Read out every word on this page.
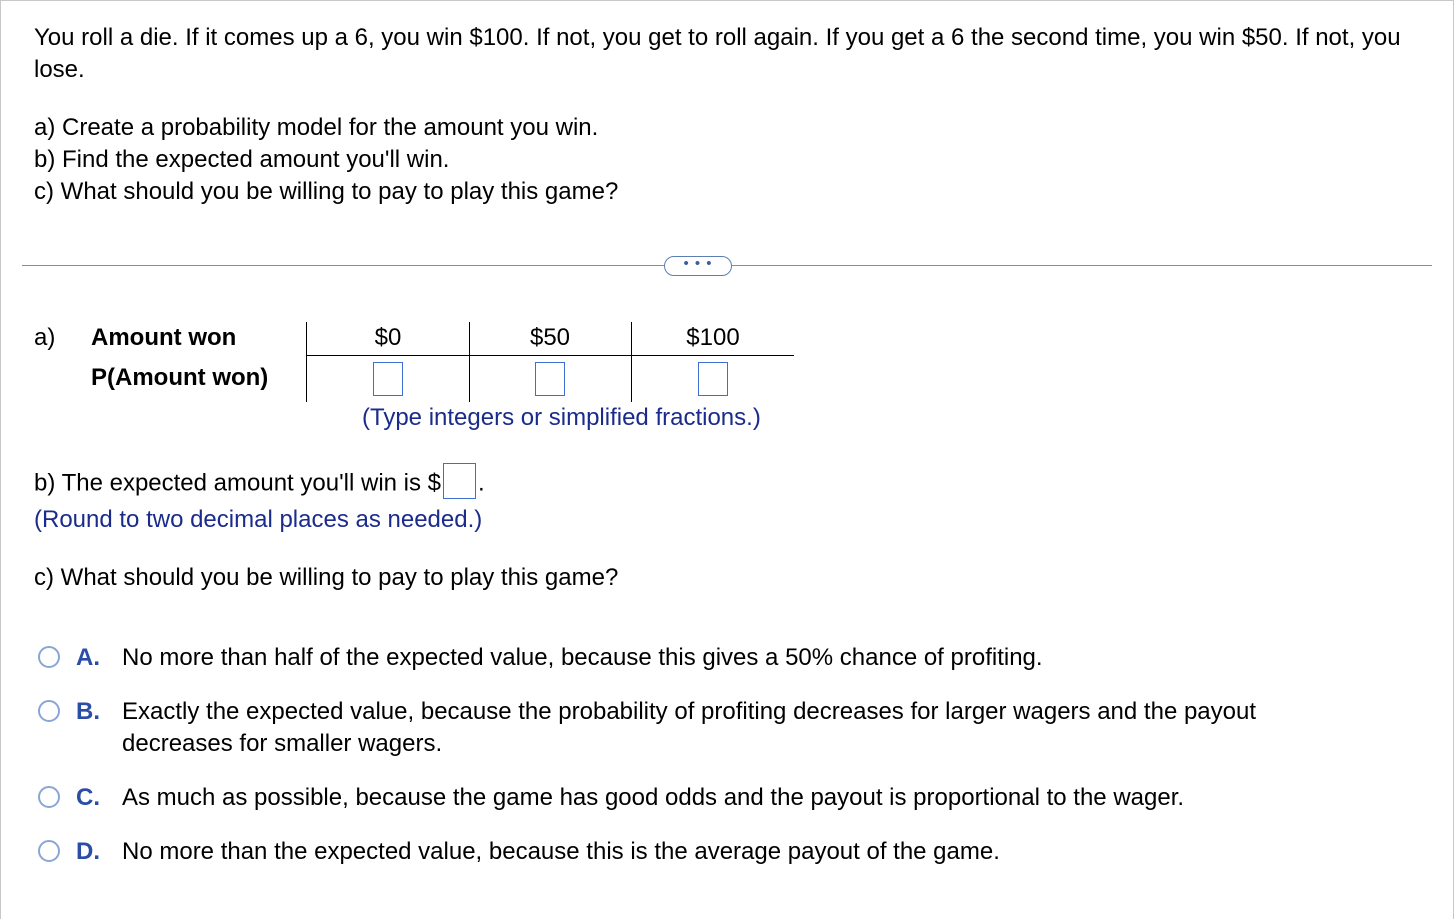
You roll a die. If it comes up a 6, you win $100. If not, you get to roll again. If you get a 6 the second time, you win $50. If not, you lose.

a) Create a probability model for the amount you win.
b) Find the expected amount you'll win.
c) What should you be willing to pay to play this game?
• • •
a) Amount won
P(Amount won)
$0	$50	$100
(Type integers or simplified fractions.)
b) The expected amount you'll win is $ .
(Round to two decimal places as needed.)
c) What should you be willing to pay to play this game?
A. No more than half of the expected value, because this gives a 50% chance of profiting.
B. Exactly the expected value, because the probability of profiting decreases for larger wagers and the payout decreases for smaller wagers.
C. As much as possible, because the game has good odds and the payout is proportional to the wager.
D. No more than the expected value, because this is the average payout of the game.
